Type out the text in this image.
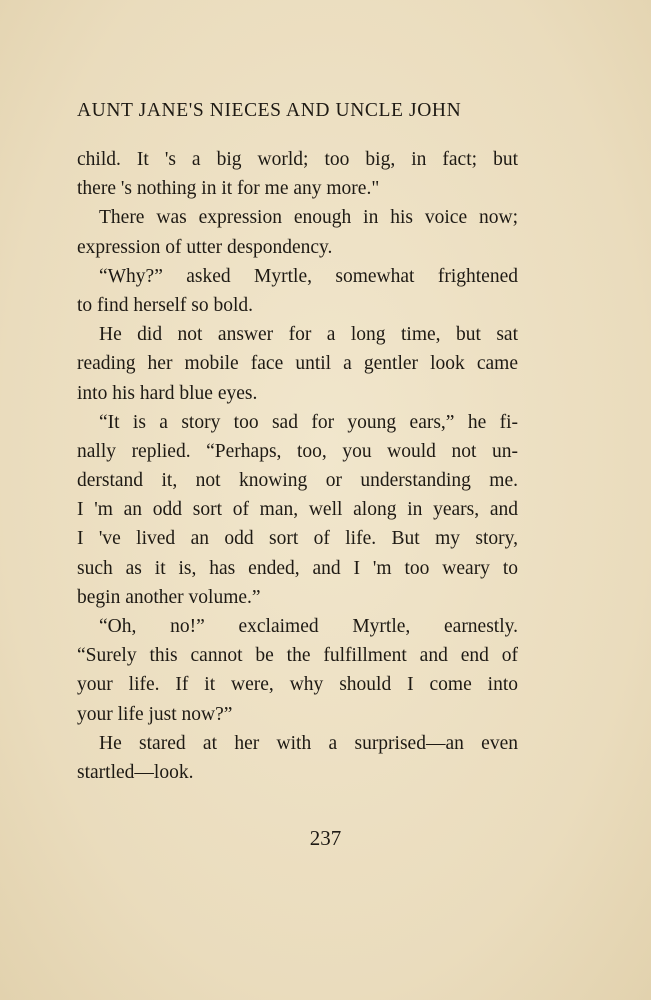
AUNT JANE'S NIECES AND UNCLE JOHN
child. It 's a big world; too big, in fact; but
there 's nothing in it for me any more."
There was expression enough in his voice now;
expression of utter despondency.
“Why?” asked Myrtle, somewhat frightened
to find herself so bold.
He did not answer for a long time, but sat
reading her mobile face until a gentler look came
into his hard blue eyes.
“It is a story too sad for young ears,” he fi-
nally replied. “Perhaps, too, you would not un-
derstand it, not knowing or understanding me.
I 'm an odd sort of man, well along in years, and
I 've lived an odd sort of life. But my story,
such as it is, has ended, and I 'm too weary to
begin another volume.”
“Oh, no!” exclaimed Myrtle, earnestly.
“Surely this cannot be the fulfillment and end of
your life. If it were, why should I come into
your life just now?”
He stared at her with a surprised—an even
startled—look.
237
